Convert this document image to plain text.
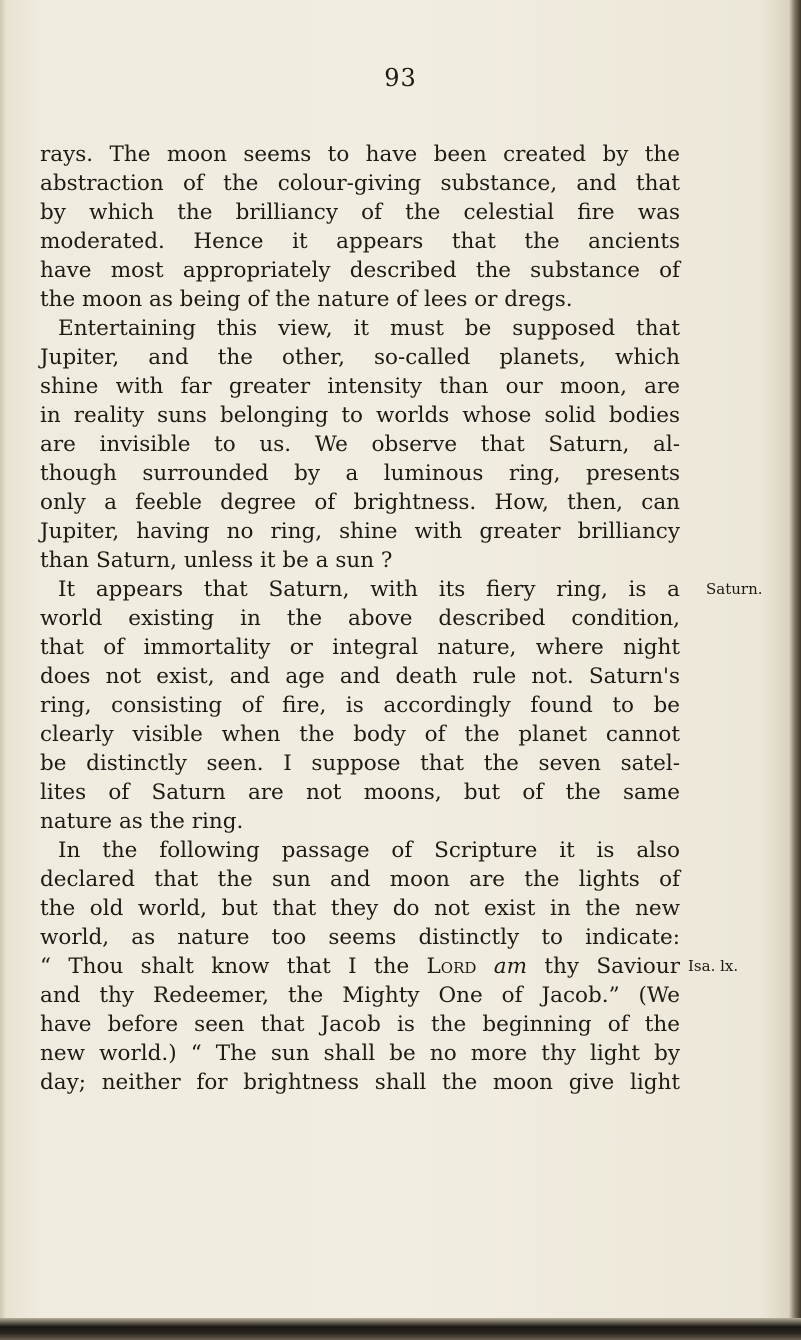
93
rays. The moon seems to have been created by the
abstraction of the colour-giving substance, and that
by which the brilliancy of the celestial fire was
moderated. Hence it appears that the ancients
have most appropriately described the substance of
the moon as being of the nature of lees or dregs.
Entertaining this view, it must be supposed that
Jupiter, and the other, so-called planets, which
shine with far greater intensity than our moon, are
in reality suns belonging to worlds whose solid bodies
are invisible to us. We observe that Saturn, al-
though surrounded by a luminous ring, presents
only a feeble degree of brightness. How, then, can
Jupiter, having no ring, shine with greater brilliancy
than Saturn, unless it be a sun ?
It appears that Saturn, with its fiery ring, is a Saturn.
world existing in the above described condition,
that of immortality or integral nature, where night
does not exist, and age and death rule not. Saturn's
ring, consisting of fire, is accordingly found to be
clearly visible when the body of the planet cannot
be distinctly seen. I suppose that the seven satel-
lites of Saturn are not moons, but of the same
nature as the ring.
In the following passage of Scripture it is also
declared that the sun and moon are the lights of
the old world, but that they do not exist in the new
world, as nature too seems distinctly to indicate:
“ Thou shalt know that I the Lord am thy Saviour Isa. lx.
and thy Redeemer, the Mighty One of Jacob.” (We
have before seen that Jacob is the beginning of the
new world.) “ The sun shall be no more thy light by
day; neither for brightness shall the moon give light
